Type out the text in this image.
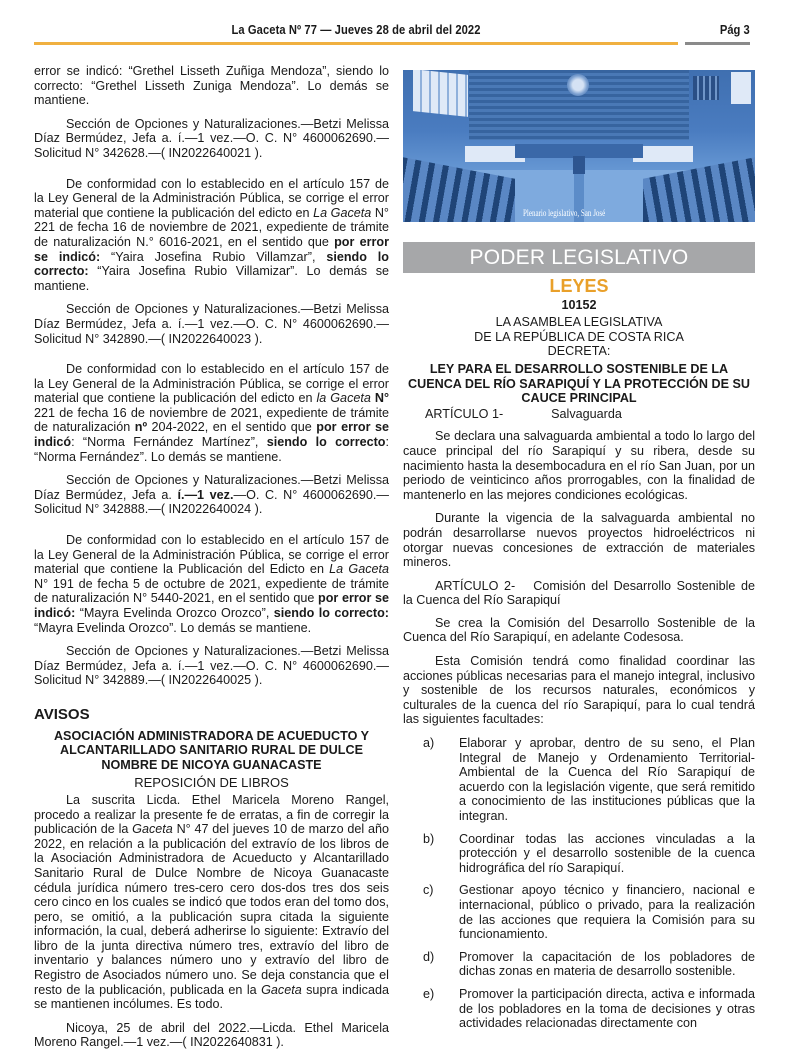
La Gaceta Nº 77 — Jueves 28 de abril del 2022	Pág 3

error se indicó: “Grethel Lisseth Zuñiga Mendoza”, siendo lo correcto: “Grethel Lisseth Zuniga Mendoza”. Lo demás se mantiene.

Sección de Opciones y Naturalizaciones.—Betzi Melissa Díaz Bermúdez, Jefa a. í.—1 vez.—O. C. N° 4600062690.—Solicitud N° 342628.—( IN2022640021 ).

De conformidad con lo establecido en el artículo 157 de la Ley General de la Administración Pública, se corrige el error material que contiene la publicación del edicto en La Gaceta N° 221 de fecha 16 de noviembre de 2021, expediente de trámite de naturalización N.° 6016-2021, en el sentido que por error se indicó: “Yaira Josefina Rubio Villamzar”, siendo lo correcto: “Yaira Josefina Rubio Villamizar”. Lo demás se mantiene.

Sección de Opciones y Naturalizaciones.—Betzi Melissa Díaz Bermúdez, Jefa a. í.—1 vez.—O. C. N° 4600062690.—Solicitud N° 342890.—( IN2022640023 ).

De conformidad con lo establecido en el artículo 157 de la Ley General de la Administración Pública, se corrige el error material que contiene la publicación del edicto en la Gaceta N° 221 de fecha 16 de noviembre de 2021, expediente de trámite de naturalización nº 204-2022, en el sentido que por error se indicó: “Norma Fernández Martínez”, siendo lo correcto: “Norma Fernández”. Lo demás se mantiene.

Sección de Opciones y Naturalizaciones.—Betzi Melissa Díaz Bermúdez, Jefa a. í.—1 vez.—O. C. N° 4600062690.—Solicitud N° 342888.—( IN2022640024 ).

De conformidad con lo establecido en el artículo 157 de la Ley General de la Administración Pública, se corrige el error material que contiene la Publicación del Edicto en La Gaceta N° 191 de fecha 5 de octubre de 2021, expediente de trámite de naturalización N° 5440-2021, en el sentido que por error se indicó: “Mayra Evelinda Orozco Orozco”, siendo lo correcto: “Mayra Evelinda Orozco”. Lo demás se mantiene.

Sección de Opciones y Naturalizaciones.—Betzi Melissa Díaz Bermúdez, Jefa a. í.—1 vez.—O. C. N° 4600062690.—Solicitud N° 342889.—( IN2022640025 ).

AVISOS
ASOCIACIÓN ADMINISTRADORA DE ACUEDUCTO Y ALCANTARILLADO SANITARIO RURAL DE DULCE NOMBRE DE NICOYA GUANACASTE
REPOSICIÓN DE LIBROS

La suscrita Licda. Ethel Maricela Moreno Rangel, procedo a realizar la presente fe de erratas, a fin de corregir la publicación de la Gaceta N° 47 del jueves 10 de marzo del año 2022, en relación a la publicación del extravío de los libros de la Asociación Administradora de Acueducto y Alcantarillado Sanitario Rural de Dulce Nombre de Nicoya Guanacaste cédula jurídica número tres-cero cero dos-dos tres dos seis cero cinco en los cuales se indicó que todos eran del tomo dos, pero, se omitió, a la publicación supra citada la siguiente información, la cual, deberá adherirse lo siguiente: Extravío del libro de la junta directiva número tres, extravío del libro de inventario y balances número uno y extravío del libro de Registro de Asociados número uno. Se deja constancia que el resto de la publicación, publicada en la Gaceta supra indicada se mantienen incólumes. Es todo.

Nicoya, 25 de abril del 2022.—Licda. Ethel Maricela Moreno Rangel.—1 vez.—( IN2022640831 ).

Plenario legislativo, San José
PODER LEGISLATIVO
LEYES
10152
LA ASAMBLEA LEGISLATIVA
DE LA REPÚBLICA DE COSTA RICA
DECRETA:
LEY PARA EL DESARROLLO SOSTENIBLE DE LA CUENCA DEL RÍO SARAPIQUÍ Y LA PROTECCIÓN DE SU CAUCE PRINCIPAL

ARTÍCULO 1-	Salvaguarda

Se declara una salvaguarda ambiental a todo lo largo del cauce principal del río Sarapiquí y su ribera, desde su nacimiento hasta la desembocadura en el río San Juan, por un periodo de veinticinco años prorrogables, con la finalidad de mantenerlo en las mejores condiciones ecológicas.

Durante la vigencia de la salvaguarda ambiental no podrán desarrollarse nuevos proyectos hidroeléctricos ni otorgar nuevas concesiones de extracción de materiales mineros.

ARTÍCULO 2- Comisión del Desarrollo Sostenible de la Cuenca del Río Sarapiquí

Se crea la Comisión del Desarrollo Sostenible de la Cuenca del Río Sarapiquí, en adelante Codesosa.

Esta Comisión tendrá como finalidad coordinar las acciones públicas necesarias para el manejo integral, inclusivo y sostenible de los recursos naturales, económicos y culturales de la cuenca del río Sarapiquí, para lo cual tendrá las siguientes facultades:

a)	Elaborar y aprobar, dentro de su seno, el Plan Integral de Manejo y Ordenamiento Territorial-Ambiental de la Cuenca del Río Sarapiquí de acuerdo con la legislación vigente, que será remitido a conocimiento de las instituciones públicas que la integran.
b)	Coordinar todas las acciones vinculadas a la protección y el desarrollo sostenible de la cuenca hidrográfica del río Sarapiquí.
c)	Gestionar apoyo técnico y financiero, nacional e internacional, público o privado, para la realización de las acciones que requiera la Comisión para su funcionamiento.
d)	Promover la capacitación de los pobladores de dichas zonas en materia de desarrollo sostenible.
e)	Promover la participación directa, activa e informada de los pobladores en la toma de decisiones y otras actividades relacionadas directamente con
